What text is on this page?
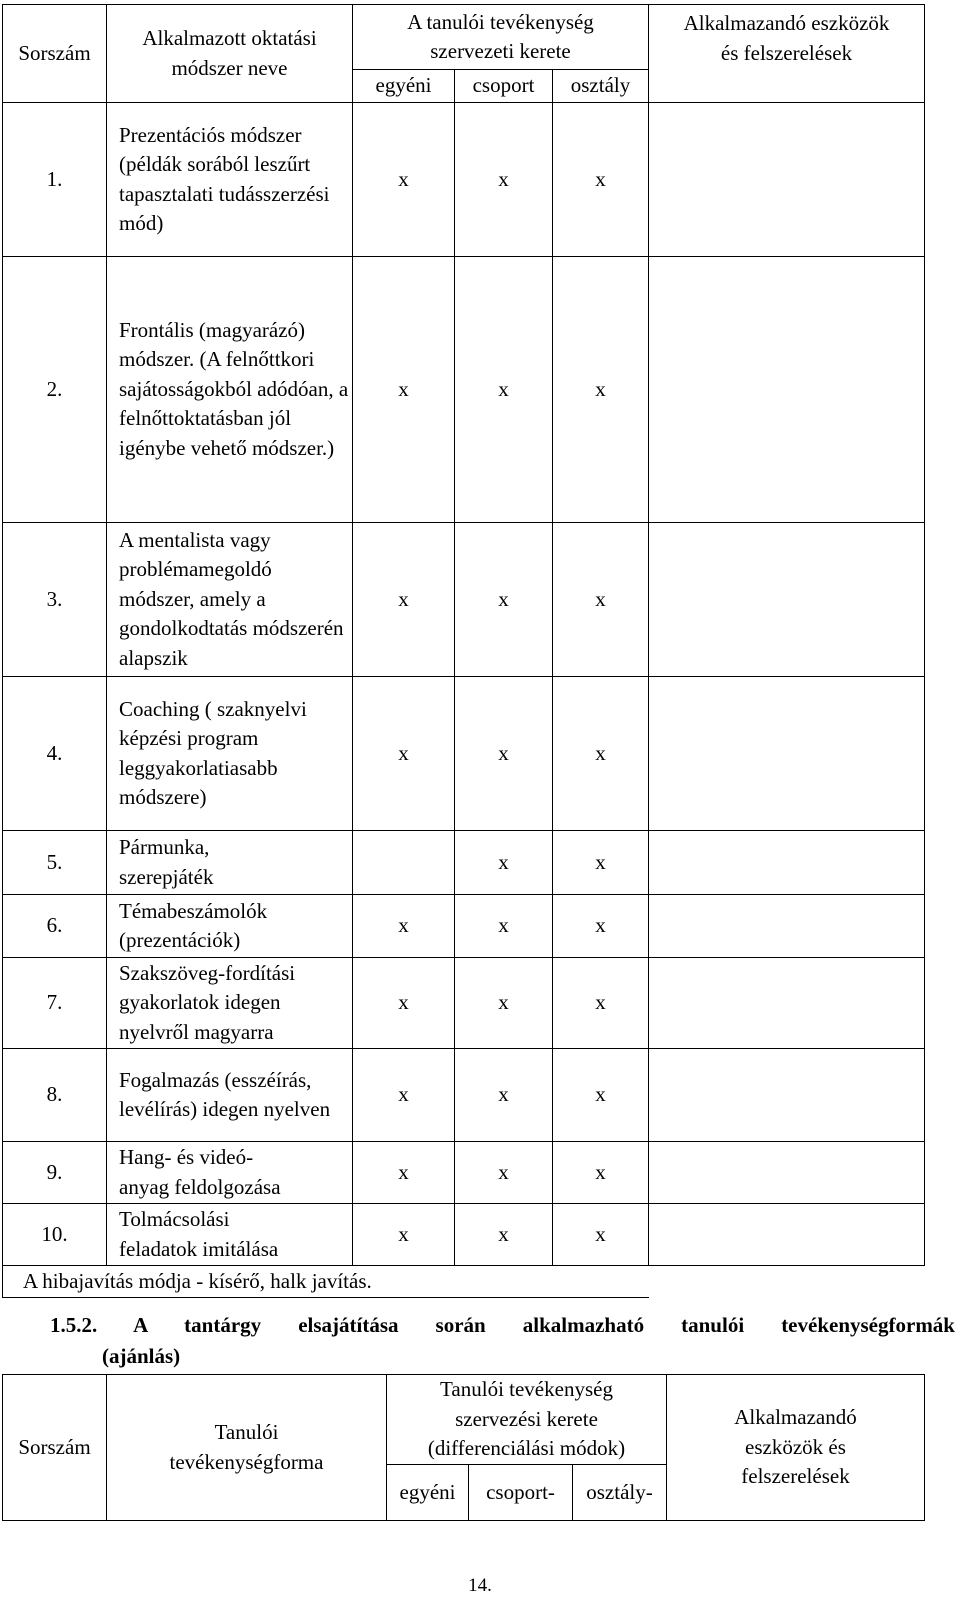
Sorszám	Alkalmazott oktatási módszer neve	A tanulói tevékenység szervezeti kerete			Alkalmazandó eszközök és felszerelések
		egyéni	csoport	osztály	
1.	Prezentációs módszer (példák sorából leszűrt tapasztalati tudásszerzési mód)	x	x	x	
2.	Frontális (magyarázó) módszer. (A felnőttkori sajátosságokból adódóan, a felnőttoktatásban jól igénybe vehető módszer.)	x	x	x	
3.	A mentalista vagy problémamegoldó módszer, amely a gondolkodtatás módszerén alapszik	x	x	x	
4.	Coaching ( szaknyelvi képzési program leggyakorlatiasabb módszere)	x	x	x	
5.	Pármunka, szerepjáték		x	x	
6.	Témabeszámolók (prezentációk)	x	x	x	
7.	Szakszöveg-fordítási gyakorlatok idegen nyelvről magyarra	x	x	x	
8.	Fogalmazás (esszéírás, levélírás) idegen nyelven	x	x	x	
9.	Hang- és videó-anyag feldolgozása	x	x	x	
10.	Tolmácsolási feladatok imitálása	x	x	x	
A hibajavítás módja - kísérő, halk javítás.					
1.5.2. A tantárgy elsajátítása során alkalmazható tanulói tevékenységformák
(ajánlás)
Sorszám	Tanulói tevékenységforma	Tanulói tevékenység szervezési kerete (differenciálási módok)			Alkalmazandó eszközök és felszerelések
		egyéni	csoport-	osztály-	
14.
